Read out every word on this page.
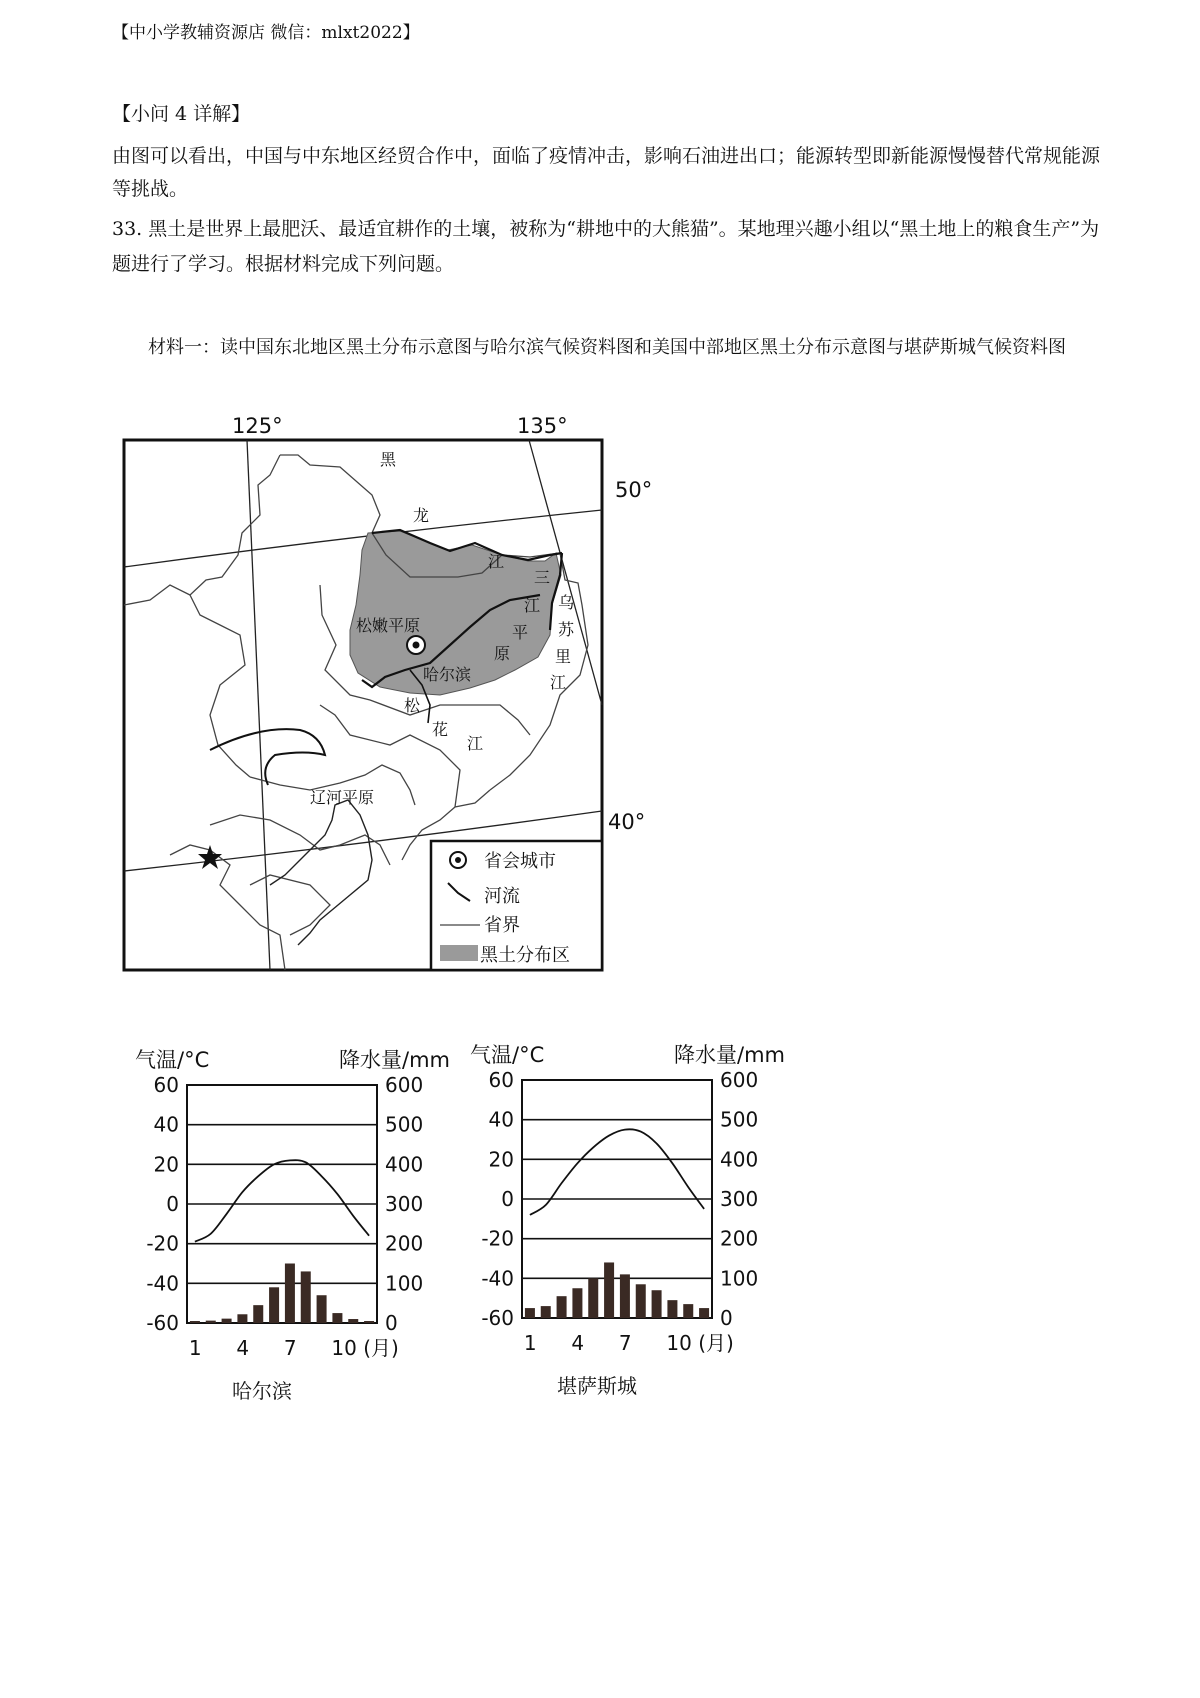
【中小学教辅资源店 微信：mlxt2022】

【小问 4 详解】

由图可以看出，中国与中东地区经贸合作中，面临了疫情冲击，影响石油进出口；能源转型即新能源慢慢替代常规能源等挑战。

33. 黑土是世界上最肥沃、最适宜耕作的土壤，被称为“耕地中的大熊猫”。某地理兴趣小组以“黑土地上的粮食生产”为题进行了学习。根据材料完成下列问题。

材料一：读中国东北地区黑土分布示意图与哈尔滨气候资料图和美国中部地区黑土分布示意图与堪萨斯城气候资料图

125°	135°
50°
40°
黑
龙
江
三
江
平
原
乌
苏
里
江
松嫩平原
哈尔滨
松
花
江
辽河平原
省会城市
河流
省界
黑土分布区
气温/°C	降水量/mm
60	600
40	500
20	400
0	300
-20	200
-40	100
-60	0
1 4 7 10 (月)
哈尔滨
气温/°C	降水量/mm
60	600
40	500
20	400
0	300
-20	200
-40	100
-60	0
1 4 7 10 (月)
堪萨斯城
